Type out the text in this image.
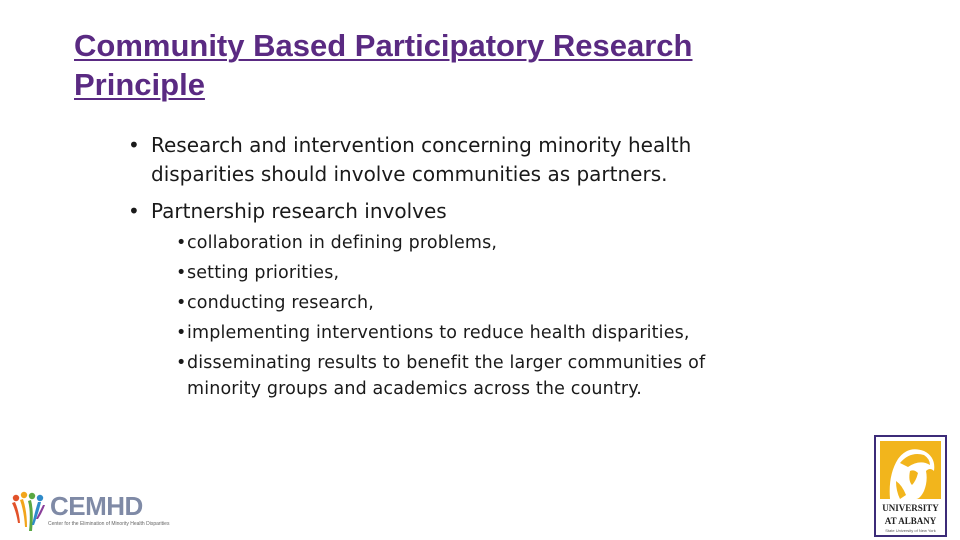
Community Based Participatory Research
Principle
• Research and intervention concerning minority health
disparities should involve communities as partners.
• Partnership research involves
• collaboration in defining problems,
• setting priorities,
• conducting research,
• implementing interventions to reduce health disparities,
• disseminating results to benefit the larger communities of
minority groups and academics across the country.
CEMHD
Center for the Elimination of Minority Health Disparities
UNIVERSITY
AT ALBANY
State University of New York
